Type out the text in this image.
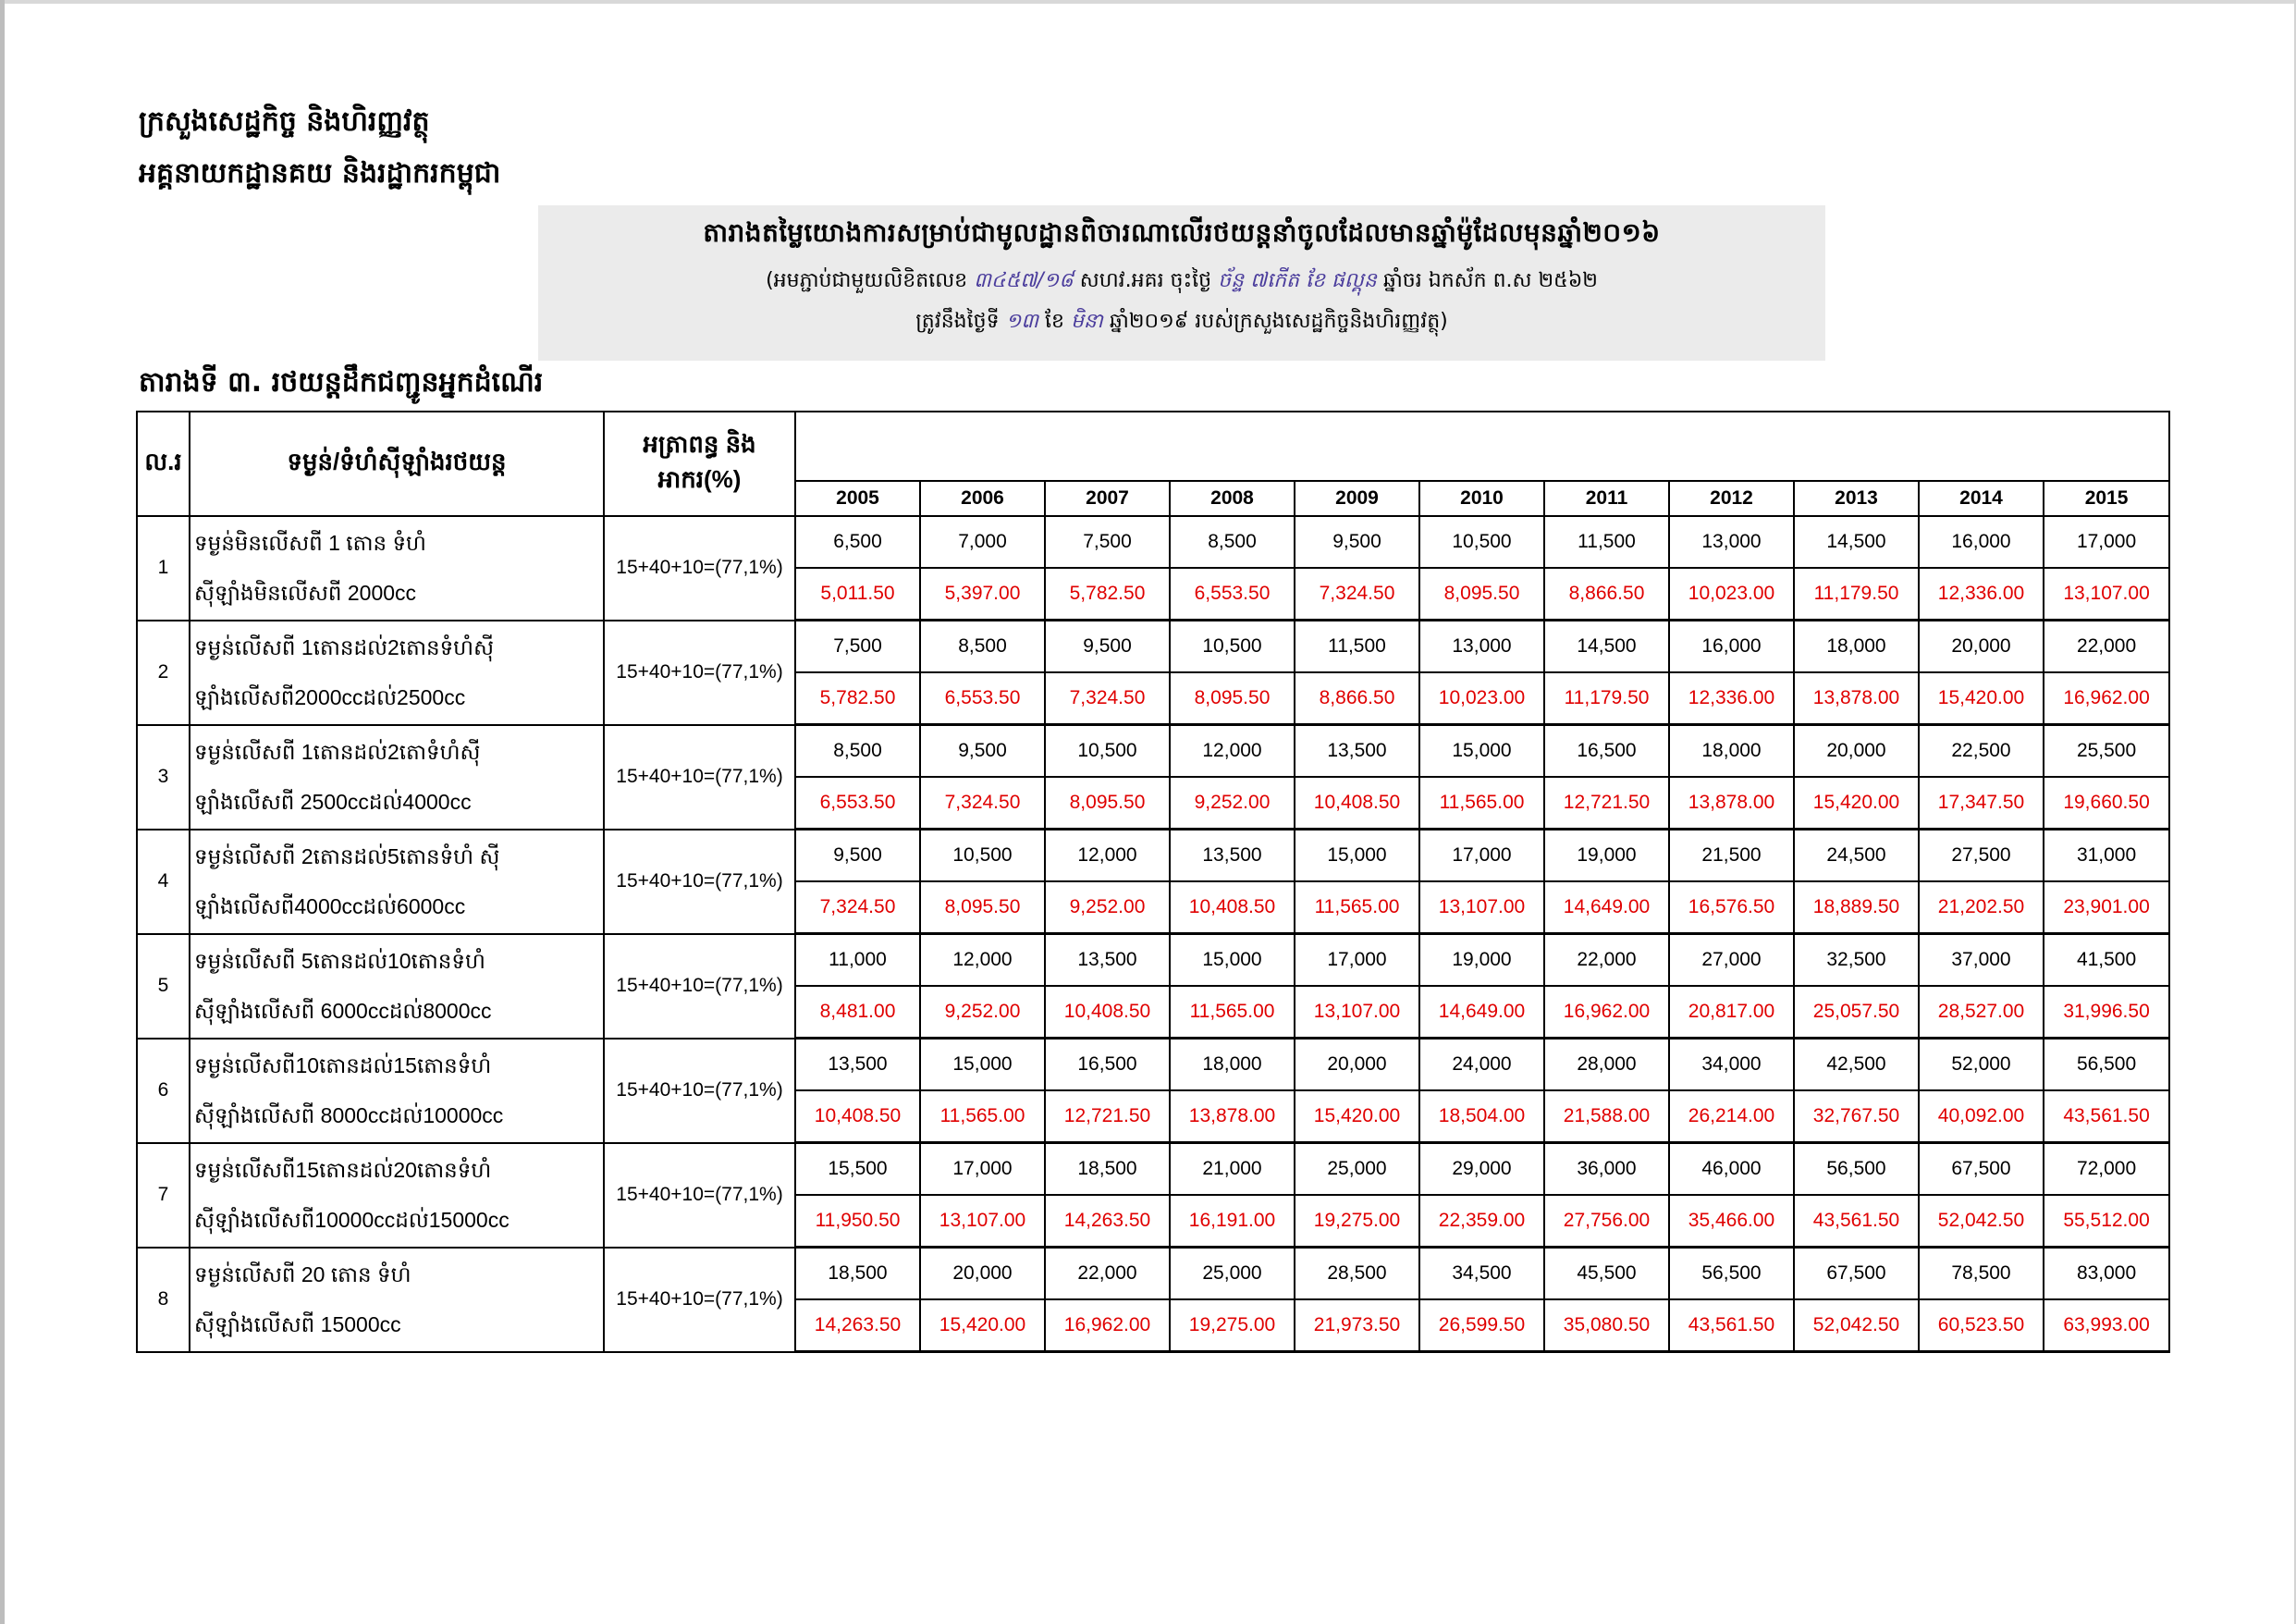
ក្រសួងសេដ្ឋកិច្ច និងហិរញ្ញវត្ថុ
អគ្គនាយកដ្ឋានគយ និងរដ្ឋាករកម្ពុជា
តារាងតម្លៃយោងការសម្រាប់ជាមូលដ្ឋានពិចារណាលើរថយន្តនាំចូលដែលមានឆ្នាំម៉ូដែលមុនឆ្នាំ២០១៦
(អមភ្ជាប់ជាមួយលិខិតលេខ ៣៤៥៧/១៨ សហវ.អគរ ចុះថ្ងៃ ច័ន្ទ ៧កើត ខែ ផល្គុន ឆ្នាំចរ ឯកស័ក ព.ស ២៥៦២
ត្រូវនឹងថ្ងៃទី ១៣ ខែ មិនា ឆ្នាំ២០១៩ របស់ក្រសួងសេដ្ឋកិច្ចនិងហិរញ្ញវត្ថុ)
តារាងទី ៣. រថយន្តដឹកជញ្ជូនអ្នកដំណើរ
ល.រ	ទម្ងន់/ទំហំស៊ីឡាំងរថយន្ត	អត្រាពន្ធ និង អាករ(%)											
			2005	2006	2007	2008	2009	2010	2011	2012	2013	2014	2015
1	ទម្ងន់មិនលើសពី 1 តោន ទំហំ
ស៊ីឡាំងមិនលើសពី 2000cc	15+40+10=(77,1%)	6,500	7,000	7,500	8,500	9,500	10,500	11,500	13,000	14,500	16,000	17,000
			5,011.50	5,397.00	5,782.50	6,553.50	7,324.50	8,095.50	8,866.50	10,023.00	11,179.50	12,336.00	13,107.00
2	ទម្ងន់លើសពី 1តោនដល់2តោនទំហំស៊ី
ឡាំងលើសពី2000ccដល់2500cc	15+40+10=(77,1%)	7,500	8,500	9,500	10,500	11,500	13,000	14,500	16,000	18,000	20,000	22,000
			5,782.50	6,553.50	7,324.50	8,095.50	8,866.50	10,023.00	11,179.50	12,336.00	13,878.00	15,420.00	16,962.00
3	ទម្ងន់លើសពី 1តោនដល់2តោទំហំស៊ី
ឡាំងលើសពី 2500ccដល់4000cc	15+40+10=(77,1%)	8,500	9,500	10,500	12,000	13,500	15,000	16,500	18,000	20,000	22,500	25,500
			6,553.50	7,324.50	8,095.50	9,252.00	10,408.50	11,565.00	12,721.50	13,878.00	15,420.00	17,347.50	19,660.50
4	ទម្ងន់លើសពី 2តោនដល់5តោនទំហំ ស៊ី
ឡាំងលើសពី4000ccដល់6000cc	15+40+10=(77,1%)	9,500	10,500	12,000	13,500	15,000	17,000	19,000	21,500	24,500	27,500	31,000
			7,324.50	8,095.50	9,252.00	10,408.50	11,565.00	13,107.00	14,649.00	16,576.50	18,889.50	21,202.50	23,901.00
5	ទម្ងន់លើសពី 5តោនដល់10តោនទំហំ
ស៊ីឡាំងលើសពី 6000ccដល់8000cc	15+40+10=(77,1%)	11,000	12,000	13,500	15,000	17,000	19,000	22,000	27,000	32,500	37,000	41,500
			8,481.00	9,252.00	10,408.50	11,565.00	13,107.00	14,649.00	16,962.00	20,817.00	25,057.50	28,527.00	31,996.50
6	ទម្ងន់លើសពី10តោនដល់15តោនទំហំ
ស៊ីឡាំងលើសពី 8000ccដល់10000cc	15+40+10=(77,1%)	13,500	15,000	16,500	18,000	20,000	24,000	28,000	34,000	42,500	52,000	56,500
			10,408.50	11,565.00	12,721.50	13,878.00	15,420.00	18,504.00	21,588.00	26,214.00	32,767.50	40,092.00	43,561.50
7	ទម្ងន់លើសពី15តោនដល់20តោនទំហំ
ស៊ីឡាំងលើសពី10000ccដល់15000cc	15+40+10=(77,1%)	15,500	17,000	18,500	21,000	25,000	29,000	36,000	46,000	56,500	67,500	72,000
			11,950.50	13,107.00	14,263.50	16,191.00	19,275.00	22,359.00	27,756.00	35,466.00	43,561.50	52,042.50	55,512.00
8	ទម្ងន់លើសពី 20 តោន ទំហំ
ស៊ីឡាំងលើសពី 15000cc	15+40+10=(77,1%)	18,500	20,000	22,000	25,000	28,500	34,500	45,500	56,500	67,500	78,500	83,000
			14,263.50	15,420.00	16,962.00	19,275.00	21,973.50	26,599.50	35,080.50	43,561.50	52,042.50	60,523.50	63,993.00
